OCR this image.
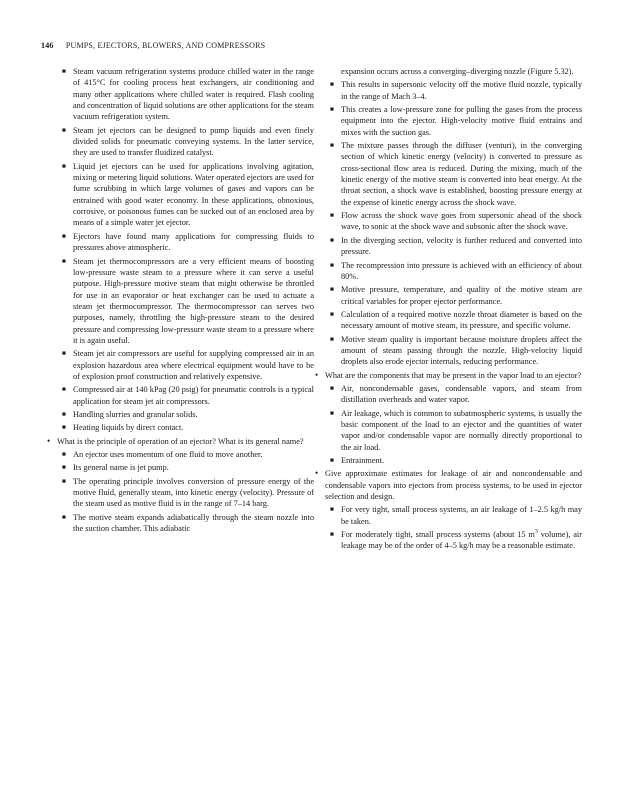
146 PUMPS, EJECTORS, BLOWERS, AND COMPRESSORS
■ Steam vacuum refrigeration systems produce chilled water in the range of 415°C for cooling process heat exchangers, air conditioning and many other applications where chilled water is required. Flash cooling and concentration of liquid solutions are other applications for the steam vacuum refrigeration system.
■ Steam jet ejectors can be designed to pump liquids and even finely divided solids for pneumatic conveying systems. In the latter service, they are used to transfer fluidized catalyst.
■ Liquid jet ejectors can be used for applications involving agitation, mixing or metering liquid solutions. Water operated ejectors are used for fume scrubbing in which large volumes of gases and vapors can be entrained with good water economy. In these applications, obnoxious, corrosive, or poisonous fumes can be sucked out of an enclosed area by means of a simple water jet ejector.
■ Ejectors have found many applications for compressing fluids to pressures above atmospheric.
■ Steam jet thermocompressors are a very efficient means of boosting low-pressure waste steam to a pressure where it can serve a useful purpose. High-pressure motive steam that might otherwise be throttled for use in an evaporator or heat exchanger can be used to actuate a steam jet thermocompressor. The thermocompressor can serves two purposes, namely, throttling the high-pressure steam to the desired pressure and compressing low-pressure waste steam to a pressure where it is again useful.
■ Steam jet air compressors are useful for supplying compressed air in an explosion hazardous area where electrical equipment would have to be of explosion proof construction and relatively expensive.
■ Compressed air at 140 kPag (20 psig) for pneumatic controls is a typical application for steam jet air compressors.
■ Handling slurries and granular solids.
■ Heating liquids by direct contact.
• What is the principle of operation of an ejector? What is its general name?
■ An ejector uses momentum of one fluid to move another.
■ Its general name is jet pump.
■ The operating principle involves conversion of pressure energy of the motive fluid, generally steam, into kinetic energy (velocity). Pressure of the steam used as motive fluid is in the range of 7–14 barg.
■ The motive steam expands adiabatically through the steam nozzle into the suction chamber. This adiabatic
expansion occurs across a converging–diverging nozzle (Figure 5.32).
■ This results in supersonic velocity off the motive fluid nozzle, typically in the range of Mach 3–4.
■ This creates a low-pressure zone for pulling the gases from the process equipment into the ejector. High-velocity motive fluid entrains and mixes with the suction gas.
■ The mixture passes through the diffuser (venturi), in the converging section of which kinetic energy (velocity) is converted to pressure as cross-sectional flow area is reduced. During the mixing, much of the kinetic energy of the motive steam is converted into heat energy. At the throat section, a shock wave is established, boosting pressure energy at the expense of kinetic energy across the shock wave.
■ Flow across the shock wave goes from supersonic ahead of the shock wave, to sonic at the shock wave and subsonic after the shock wave.
■ In the diverging section, velocity is further reduced and converted into pressure.
■ The recompression into pressure is achieved with an efficiency of about 80%.
■ Motive pressure, temperature, and quality of the motive steam are critical variables for proper ejector performance.
■ Calculation of a required motive nozzle throat diameter is based on the necessary amount of motive steam, its pressure, and specific volume.
■ Motive steam quality is important because moisture droplets affect the amount of steam passing through the nozzle. High-velocity liquid droplets also erode ejector internals, reducing performance.
• What are the components that may be present in the vapor load to an ejector?
■ Air, noncondensable gases, condensable vapors, and steam from distillation overheads and water vapor.
■ Air leakage, which is common to subatmospheric systems, is usually the basic component of the load to an ejector and the quantities of water vapor and/or condensable vapor are normally directly proportional to the air load.
■ Entrainment.
• Give approximate estimates for leakage of air and noncondensable and condensable vapors into ejectors from process systems, to be used in ejector selection and design.
■ For very tight, small process systems, an air leakage of 1–2.5 kg/h may be taken.
■ For moderately tight, small process systems (about 15 $m^3$ volume), air leakage may be of the order of 4–5 kg/h may be a reasonable estimate.
